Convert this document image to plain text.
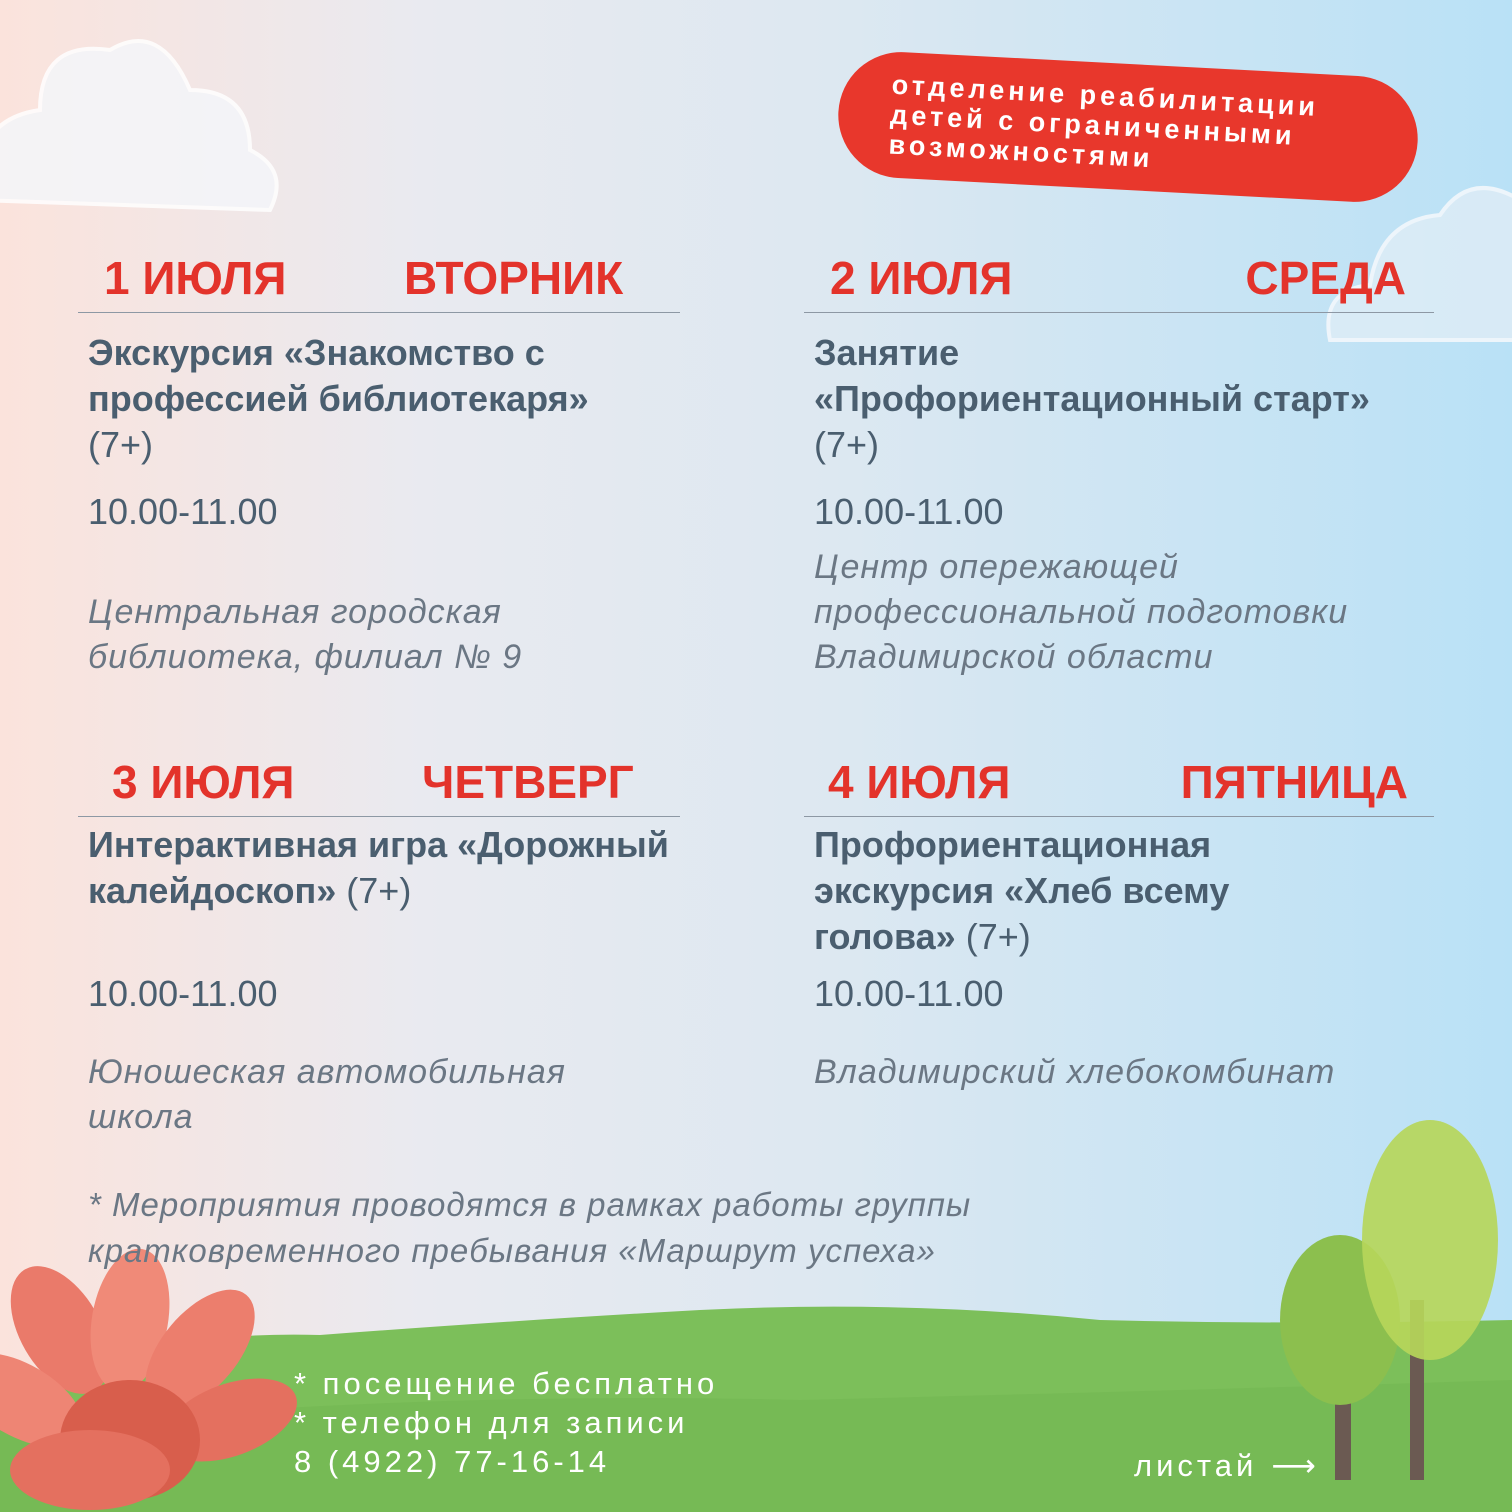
отделение реабилитации детей с ограниченными возможностями

1 ИЮЛЯ	ВТОРНИК

Экскурсия «Знакомство с профессией библиотекаря» (7+)

10.00-11.00

Центральная городская библиотека, филиал № 9

2 ИЮЛЯ	СРЕДА

Занятие «Профориентационный старт» (7+)

10.00-11.00

Центр опережающей профессиональной подготовки Владимирской области

3 ИЮЛЯ	ЧЕТВЕРГ

Интерактивная игра «Дорожный калейдоскоп» (7+)

10.00-11.00

Юношеская автомобильная школа

4 ИЮЛЯ	ПЯТНИЦА

Профориентационная экскурсия «Хлеб всему голова» (7+)

10.00-11.00

Владимирский хлебокомбинат

* Мероприятия проводятся в рамках работы группы кратковременного пребывания «Маршрут успеха»

* посещение бесплатно
* телефон для записи
8 (4922) 77-16-14	листай ⟶
